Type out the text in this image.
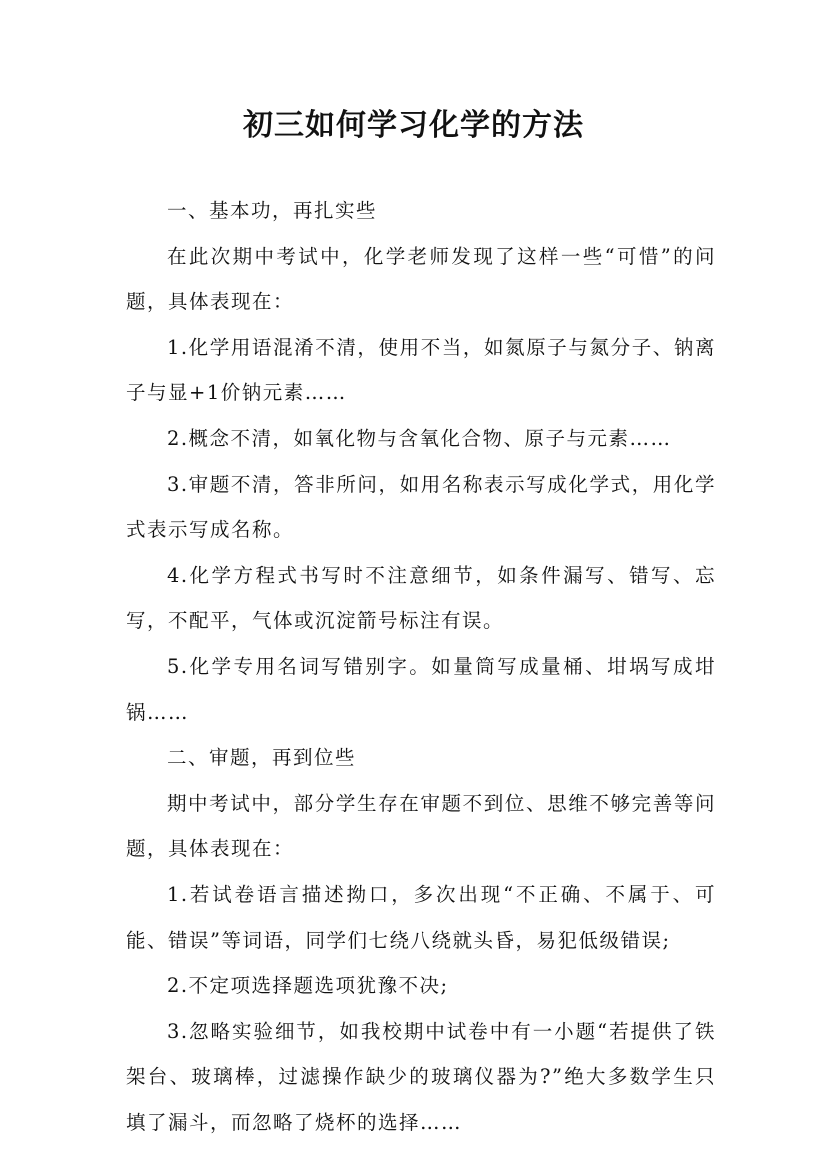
初三如何学习化学的方法

一、基本功，再扎实些

在此次期中考试中，化学老师发现了这样一些“可惜”的问题，具体表现在：

1.化学用语混淆不清，使用不当，如氮原子与氮分子、钠离子与显+1价钠元素……

2.概念不清，如氧化物与含氧化合物、原子与元素……

3.审题不清，答非所问，如用名称表示写成化学式，用化学式表示写成名称。

4.化学方程式书写时不注意细节，如条件漏写、错写、忘写，不配平，气体或沉淀箭号标注有误。

5.化学专用名词写错别字。如量筒写成量桶、坩埚写成坩锅……

二、审题，再到位些

期中考试中，部分学生存在审题不到位、思维不够完善等问题，具体表现在：

1.若试卷语言描述拗口，多次出现“不正确、不属于、可能、错误”等词语，同学们七绕八绕就头昏，易犯低级错误;

2.不定项选择题选项犹豫不决;

3.忽略实验细节，如我校期中试卷中有一小题“若提供了铁架台、玻璃棒，过滤操作缺少的玻璃仪器为?”绝大多数学生只填了漏斗，而忽略了烧杯的选择……
